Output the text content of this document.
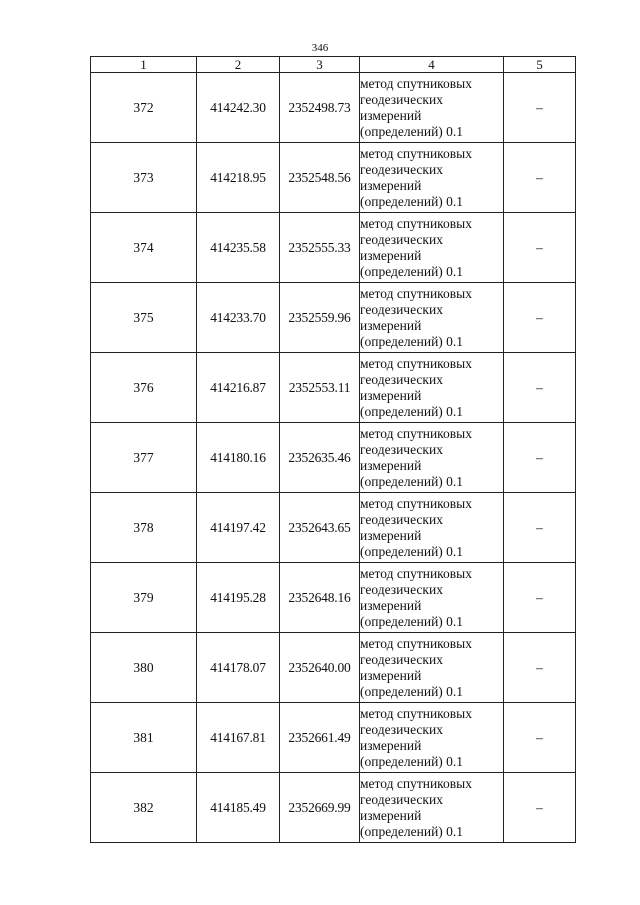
346
1	2	3	4	5
372	414242.30	2352498.73	метод спутниковых
геодезических
измерений
(определений) 0.1	–
373	414218.95	2352548.56	метод спутниковых
геодезических
измерений
(определений) 0.1	–
374	414235.58	2352555.33	метод спутниковых
геодезических
измерений
(определений) 0.1	–
375	414233.70	2352559.96	метод спутниковых
геодезических
измерений
(определений) 0.1	–
376	414216.87	2352553.11	метод спутниковых
геодезических
измерений
(определений) 0.1	–
377	414180.16	2352635.46	метод спутниковых
геодезических
измерений
(определений) 0.1	–
378	414197.42	2352643.65	метод спутниковых
геодезических
измерений
(определений) 0.1	–
379	414195.28	2352648.16	метод спутниковых
геодезических
измерений
(определений) 0.1	–
380	414178.07	2352640.00	метод спутниковых
геодезических
измерений
(определений) 0.1	–
381	414167.81	2352661.49	метод спутниковых
геодезических
измерений
(определений) 0.1	–
382	414185.49	2352669.99	метод спутниковых
геодезических
измерений
(определений) 0.1	–
